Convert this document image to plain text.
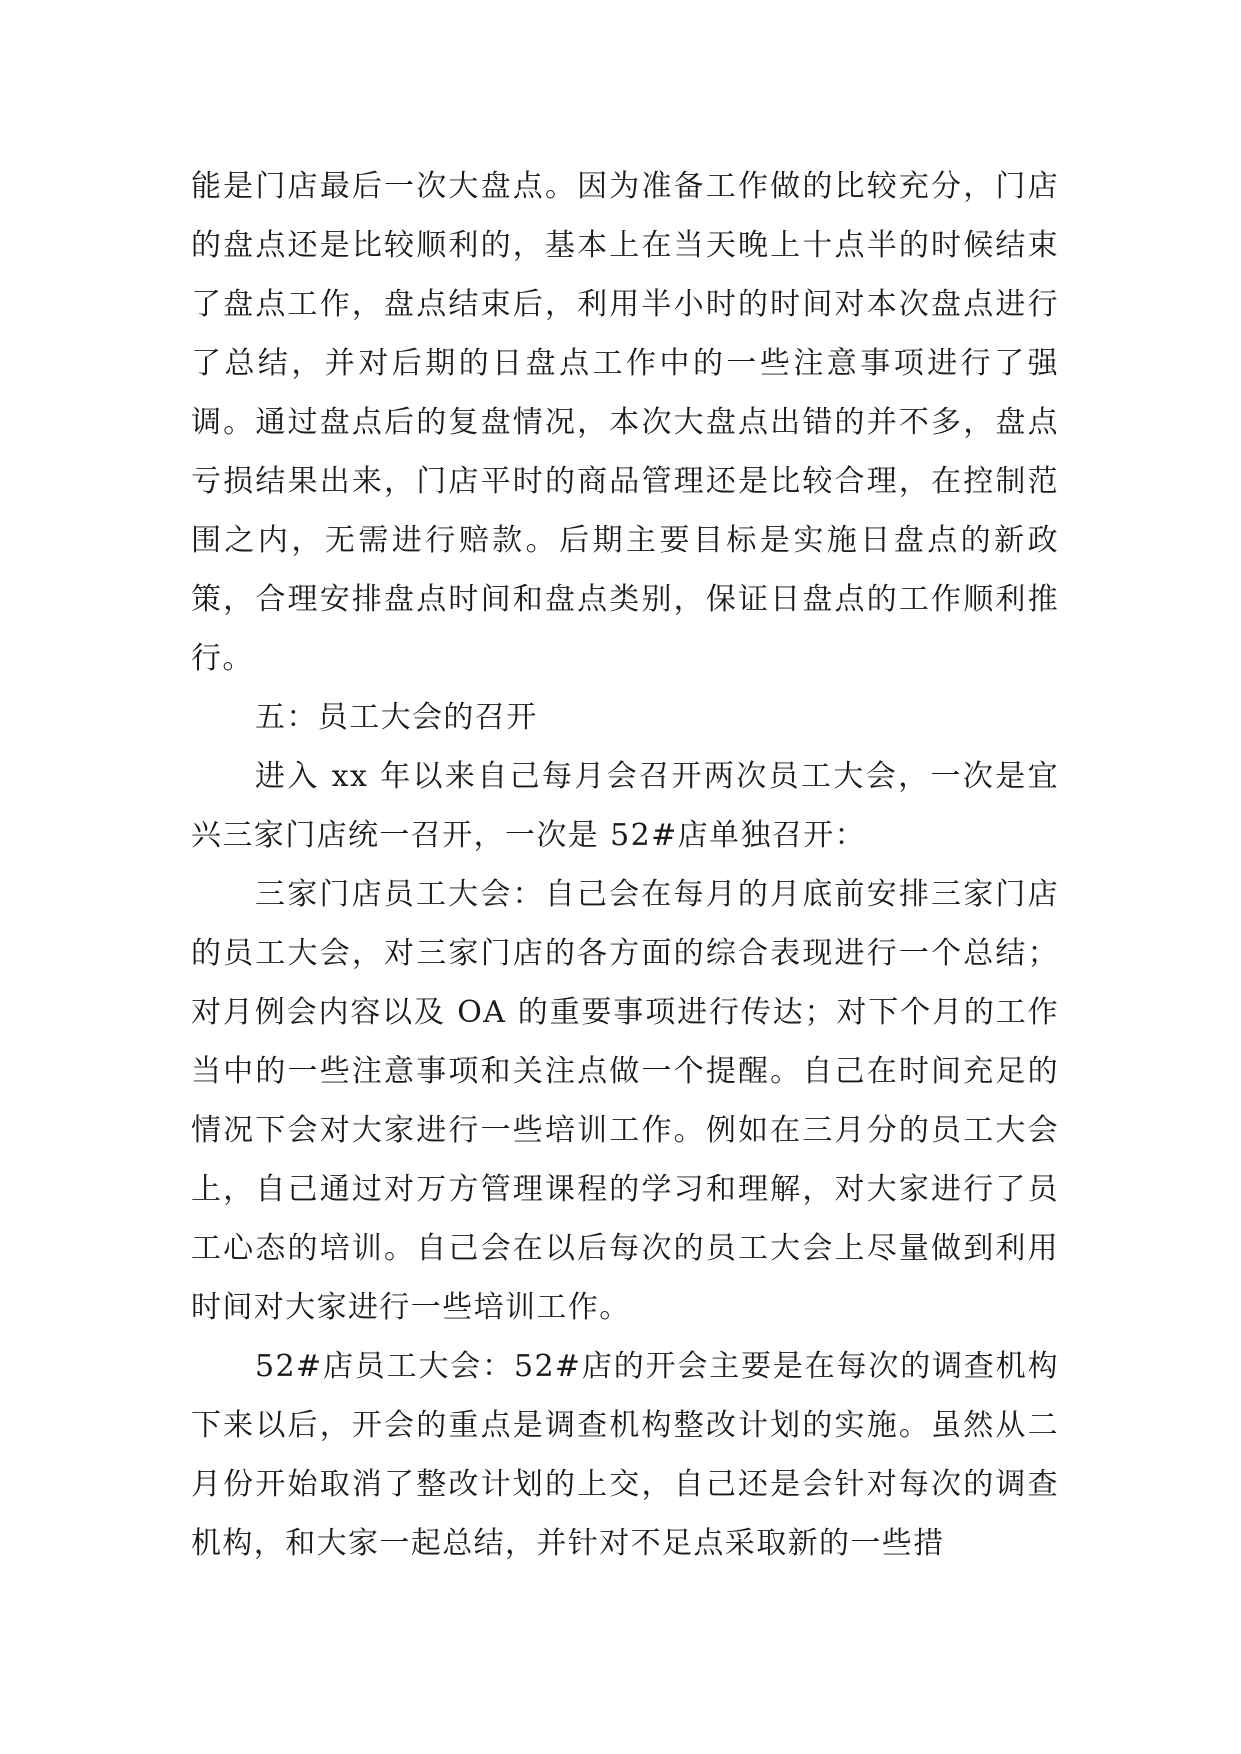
能是门店最后一次大盘点。因为准备工作做的比较充分，门店的盘点还是比较顺利的，基本上在当天晚上十点半的时候结束了盘点工作，盘点结束后，利用半小时的时间对本次盘点进行了总结，并对后期的日盘点工作中的一些注意事项进行了强调。通过盘点后的复盘情况，本次大盘点出错的并不多，盘点亏损结果出来，门店平时的商品管理还是比较合理，在控制范围之内，无需进行赔款。后期主要目标是实施日盘点的新政策，合理安排盘点时间和盘点类别，保证日盘点的工作顺利推行。

五：员工大会的召开

进入 xx 年以来自己每月会召开两次员工大会，一次是宜兴三家门店统一召开，一次是 52#店单独召开：

三家门店员工大会：自己会在每月的月底前安排三家门店的员工大会，对三家门店的各方面的综合表现进行一个总结；对月例会内容以及 OA 的重要事项进行传达；对下个月的工作当中的一些注意事项和关注点做一个提醒。自己在时间充足的情况下会对大家进行一些培训工作。例如在三月分的员工大会上，自己通过对万方管理课程的学习和理解，对大家进行了员工心态的培训。自己会在以后每次的员工大会上尽量做到利用时间对大家进行一些培训工作。

52#店员工大会：52#店的开会主要是在每次的调查机构下来以后，开会的重点是调查机构整改计划的实施。虽然从二月份开始取消了整改计划的上交，自己还是会针对每次的调查机构，和大家一起总结，并针对不足点采取新的一些措
